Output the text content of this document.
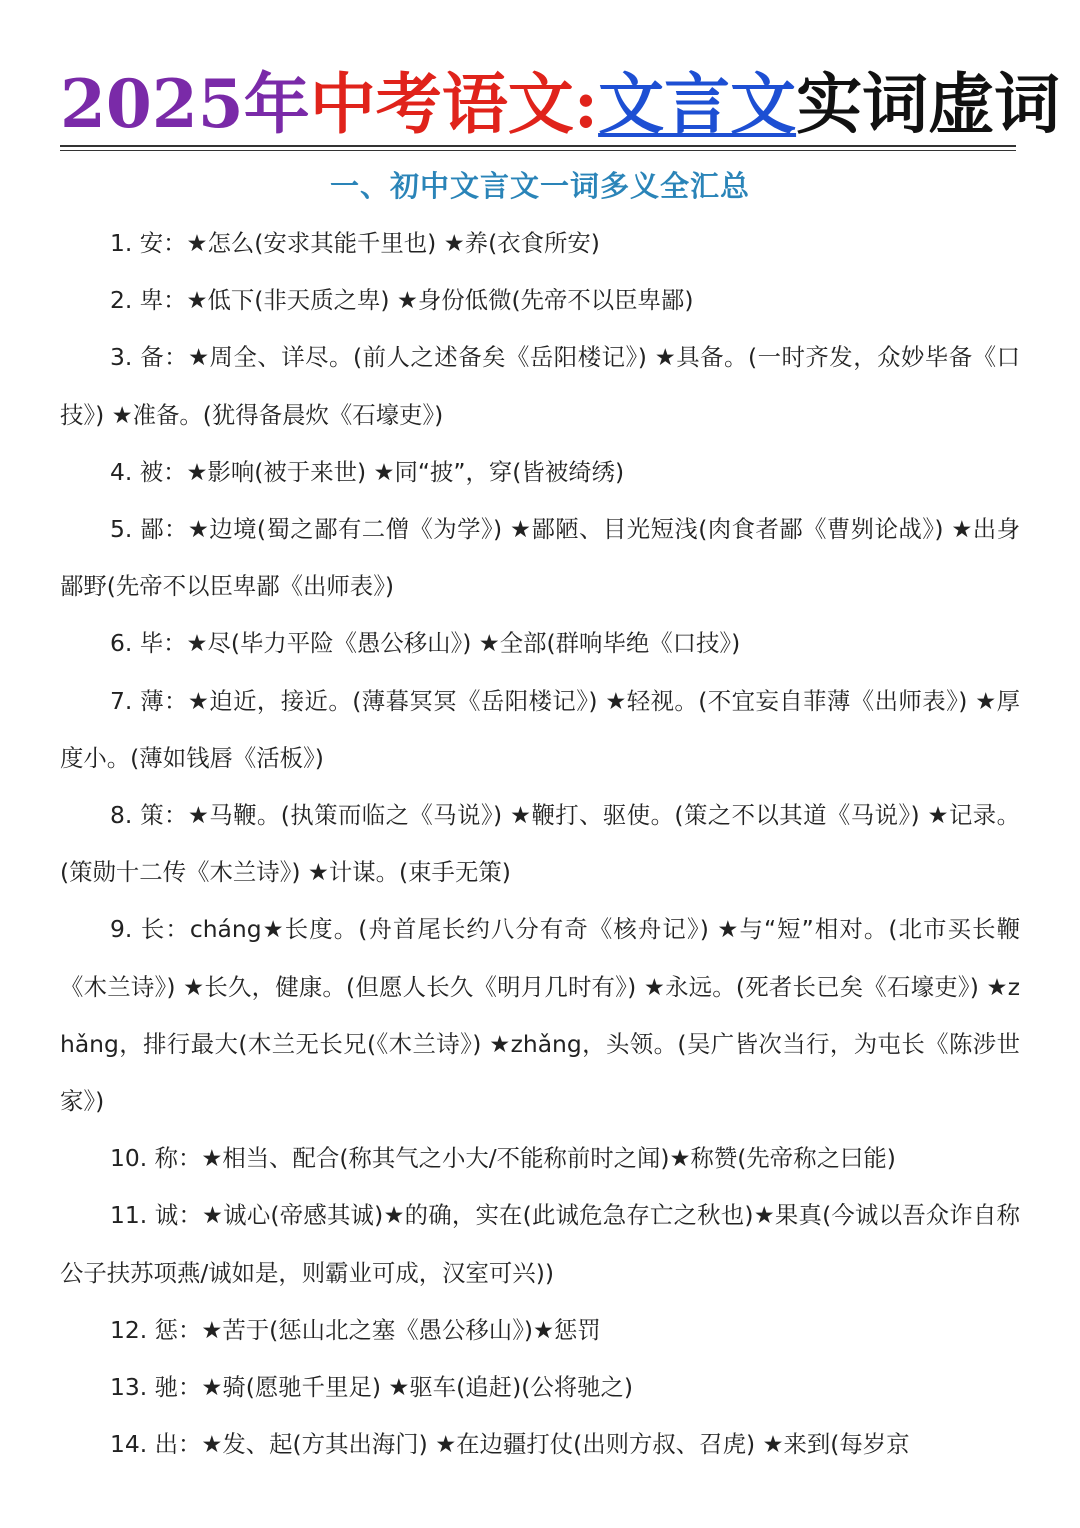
2025年 中考语文: 文言文 实词虚词
一、初中文言文一词多义全汇总

1. 安：★怎么(安求其能千里也) ★养(衣食所安)

2. 卑：★低下(非天质之卑) ★身份低微(先帝不以臣卑鄙)

3. 备：★周全、详尽。(前人之述备矣《岳阳楼记》) ★具备。(一时齐发，众妙毕备《口技》) ★准备。(犹得备晨炊《石壕吏》)

4. 被：★影响(被于来世) ★同“披”，穿(皆被绮绣)

5. 鄙：★边境(蜀之鄙有二僧《为学》) ★鄙陋、目光短浅(肉食者鄙《曹刿论战》) ★出身鄙野(先帝不以臣卑鄙《出师表》)

6. 毕：★尽(毕力平险《愚公移山》) ★全部(群响毕绝《口技》)

7. 薄：★迫近，接近。(薄暮冥冥《岳阳楼记》) ★轻视。(不宜妄自菲薄《出师表》) ★厚度小。(薄如钱唇《活板》)

8. 策：★马鞭。(执策而临之《马说》) ★鞭打、驱使。(策之不以其道《马说》) ★记录。(策勋十二传《木兰诗》) ★计谋。(束手无策)

9. 长：cháng★长度。(舟首尾长约八分有奇《核舟记》) ★与“短”相对。(北市买长鞭《木兰诗》) ★长久，健康。(但愿人长久《明月几时有》) ★永远。(死者长已矣《石壕吏》) ★zhǎng，排行最大(木兰无长兄(《木兰诗》) ★zhǎng，头领。(吴广皆次当行，为屯长《陈涉世家》)

10. 称：★相当、配合(称其气之小大/不能称前时之闻)★称赞(先帝称之曰能)

11. 诚：★诚心(帝感其诚)★的确，实在(此诚危急存亡之秋也)★果真(今诚以吾众诈自称公子扶苏项燕/诚如是，则霸业可成，汉室可兴))

12. 惩：★苦于(惩山北之塞《愚公移山》)★惩罚

13. 驰：★骑(愿驰千里足) ★驱车(追赶)(公将驰之)

14. 出：★发、起(方其出海门) ★在边疆打仗(出则方叔、召虎) ★来到(每岁京
